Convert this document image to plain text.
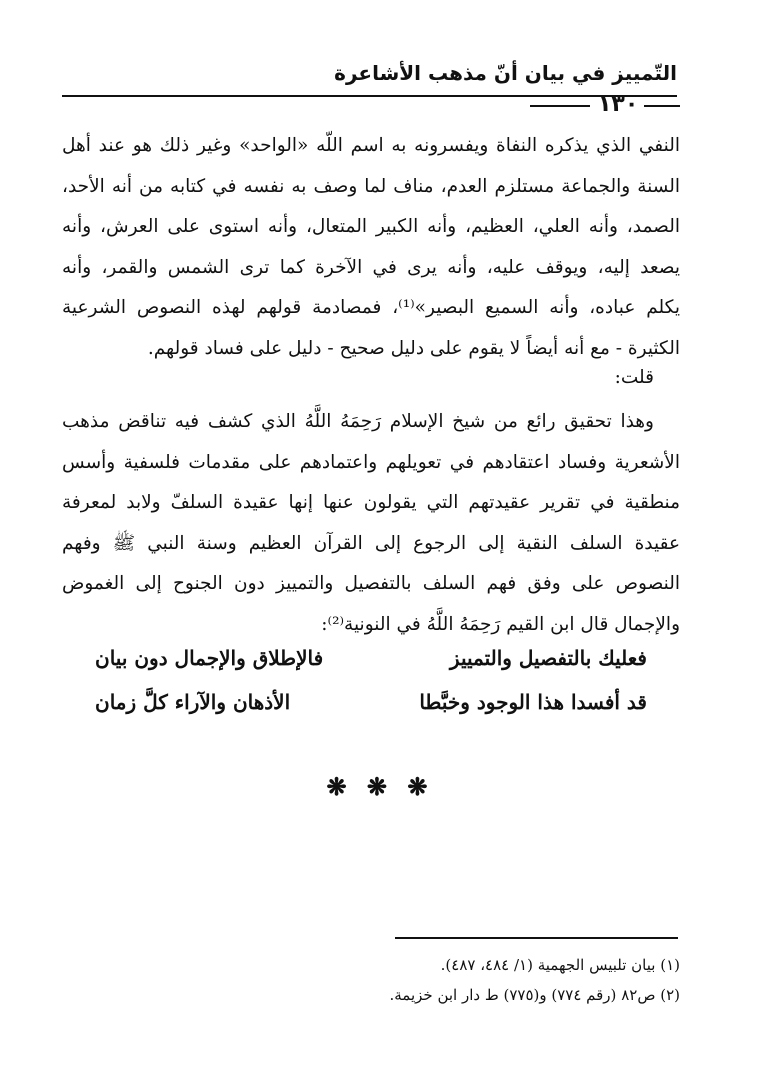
التّمييز في بيان أنّ مذهب الأشاعرة
١٣٠
النفي الذي يذكره النفاة ويفسرونه به اسم اللّه «الواحد» وغير ذلك هو عند أهل
السنة والجماعة مستلزم العدم، مناف لما وصف به نفسه في كتابه من أنه الأحد،
الصمد، وأنه العلي، العظيم، وأنه الكبير المتعال، وأنه استوى على العرش، وأنه
يصعد إليه، ويوقف عليه، وأنه يرى في الآخرة كما ترى الشمس والقمر، وأنه
يكلم عباده، وأنه السميع البصير»⁽¹⁾، فمصادمة قولهم لهذه النصوص الشرعية
الكثيرة - مع أنه أيضاً لا يقوم على دليل صحيح - دليل على فساد قولهم.
قلت:
وهذا تحقيق رائع من شيخ الإسلام رَحِمَهُ اللَّهُ الذي كشف فيه تناقض مذهب
الأشعرية وفساد اعتقادهم في تعويلهم واعتمادهم على مقدمات فلسفية وأسس
منطقية في تقرير عقيدتهم التي يقولون عنها إنها عقيدة السلفّ ولابد لمعرفة
عقيدة السلف النقية إلى الرجوع إلى القرآن العظيم وسنة النبي ﷺ وفهم
النصوص على وفق فهم السلف بالتفصيل والتمييز دون الجنوح إلى الغموض
والإجمال قال ابن القيم رَحِمَهُ اللَّهُ في النونية⁽²⁾:
فعليك بالتفصيل والتمييز
فالإطلاق والإجمال دون بيان
قد أفسدا هذا الوجود وخبَّطا
الأذهان والآراء كلَّ زمان
❋ ❋ ❋
(١) بيان تلبيس الجهمية (١/ ٤٨٤، ٤٨٧).
(٢) ص٨٢ (رقم ٧٧٤) و(٧٧٥) ط دار ابن خزيمة.
